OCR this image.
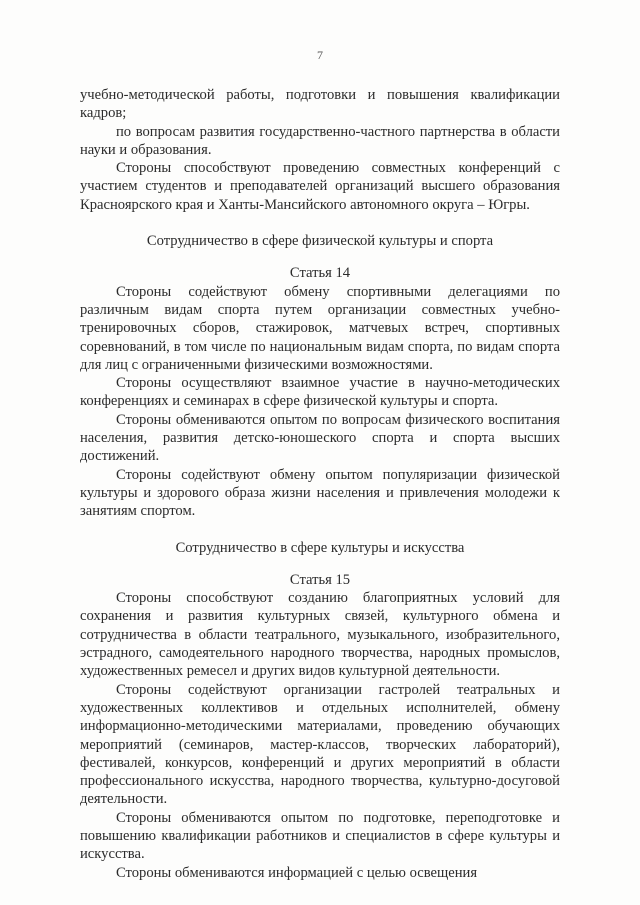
7

учебно-методической работы, подготовки и повышения квалификации кадров;

по вопросам развития государственно-частного партнерства в области науки и образования.

Стороны способствуют проведению совместных конференций с участием студентов и преподавателей организаций высшего образования Красноярского края и Ханты-Мансийского автономного округа – Югры.

Сотрудничество в сфере физической культуры и спорта

Статья 14

Стороны содействуют обмену спортивными делегациями по различным видам спорта путем организации совместных учебно-тренировочных сборов, стажировок, матчевых встреч, спортивных соревнований, в том числе по национальным видам спорта, по видам спорта для лиц с ограниченными физическими возможностями.

Стороны осуществляют взаимное участие в научно-методических конференциях и семинарах в сфере физической культуры и спорта.

Стороны обмениваются опытом по вопросам физического воспитания населения, развития детско-юношеского спорта и спорта высших достижений.

Стороны содействуют обмену опытом популяризации физической культуры и здорового образа жизни населения и привлечения молодежи к занятиям спортом.

Сотрудничество в сфере культуры и искусства

Статья 15

Стороны способствуют созданию благоприятных условий для сохранения и развития культурных связей, культурного обмена и сотрудничества в области театрального, музыкального, изобразительного, эстрадного, самодеятельного народного творчества, народных промыслов, художественных ремесел и других видов культурной деятельности.

Стороны содействуют организации гастролей театральных и художественных коллективов и отдельных исполнителей, обмену информационно-методическими материалами, проведению обучающих мероприятий (семинаров, мастер-классов, творческих лабораторий), фестивалей, конкурсов, конференций и других мероприятий в области профессионального искусства, народного творчества, культурно-досуговой деятельности.

Стороны обмениваются опытом по подготовке, переподготовке и повышению квалификации работников и специалистов в сфере культуры и искусства.

Стороны обмениваются информацией с целью освещения
